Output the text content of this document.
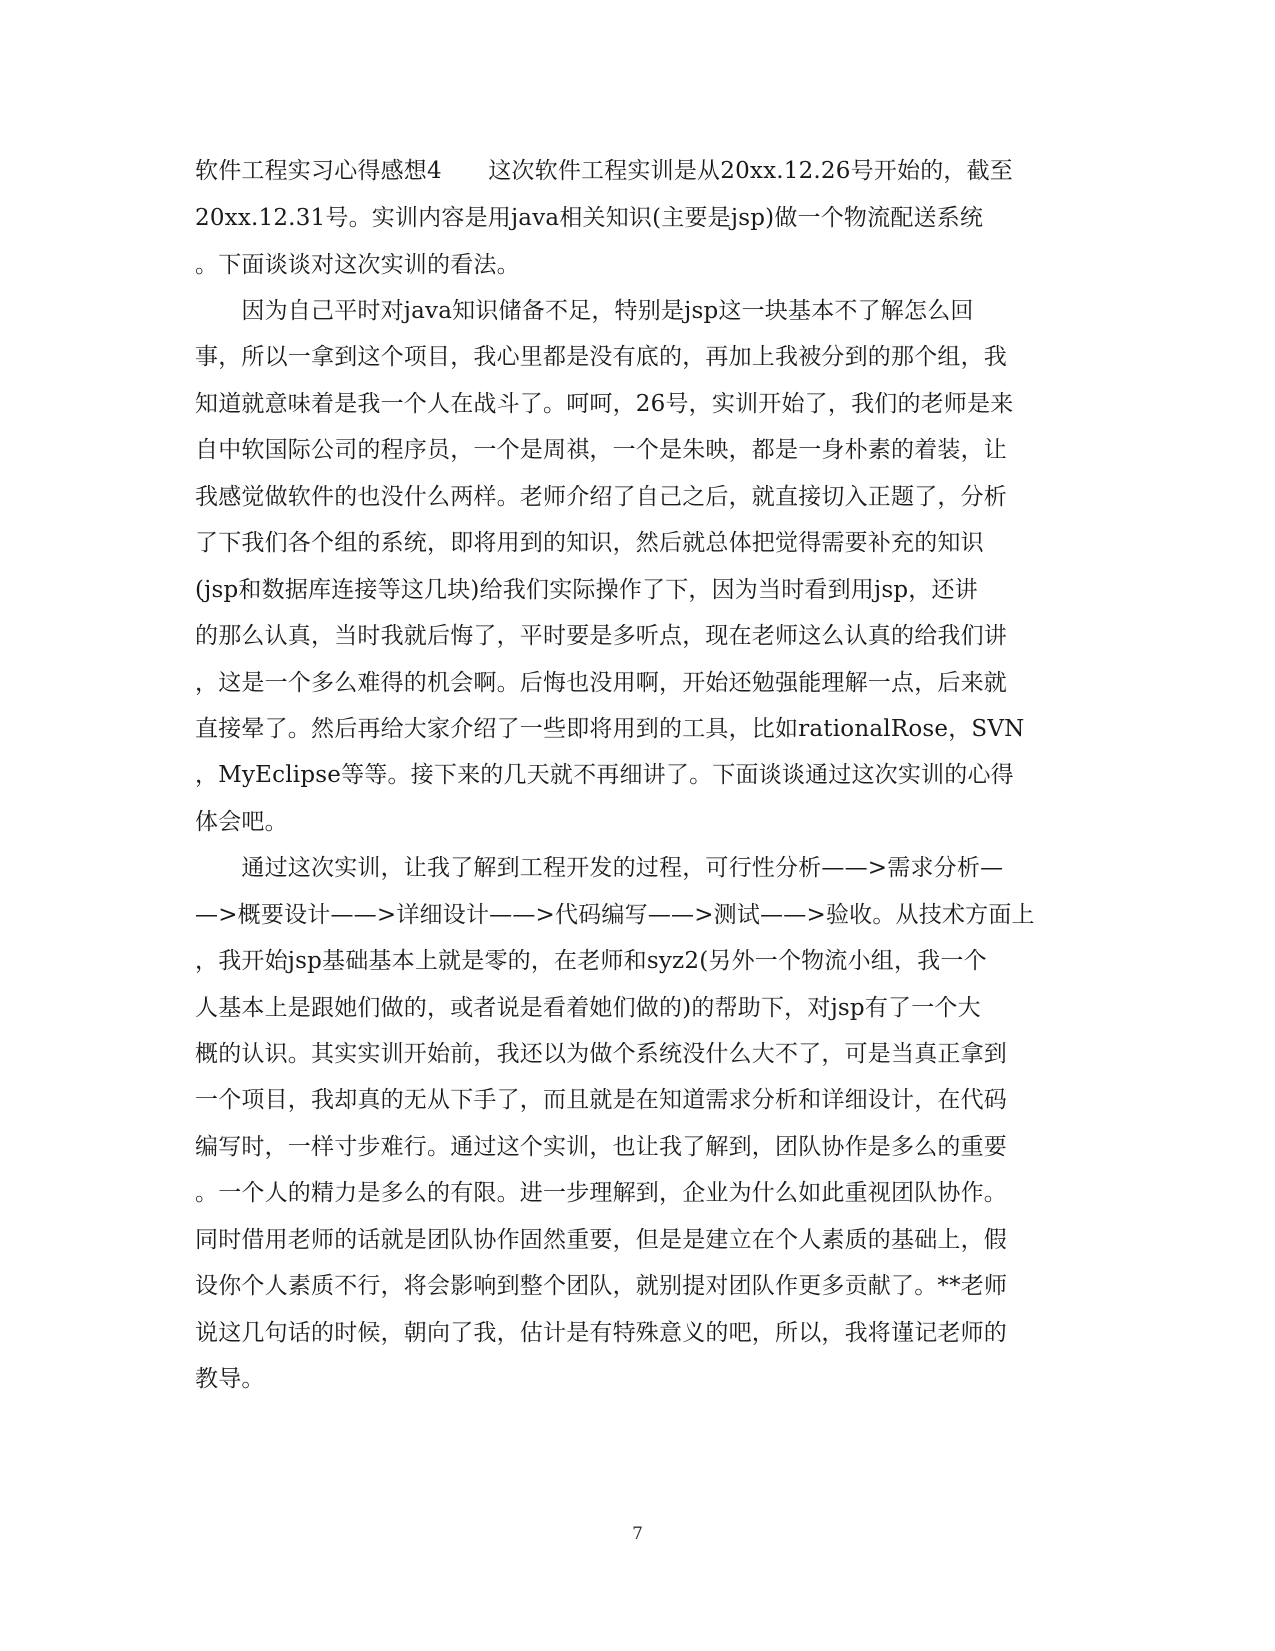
软件工程实习心得感想4　　这次软件工程实训是从20xx.12.26号开始的，截至
20xx.12.31号。实训内容是用java相关知识(主要是jsp)做一个物流配送系统
。下面谈谈对这次实训的看法。
　　因为自己平时对java知识储备不足，特别是jsp这一块基本不了解怎么回
事，所以一拿到这个项目，我心里都是没有底的，再加上我被分到的那个组，我
知道就意味着是我一个人在战斗了。呵呵，26号，实训开始了，我们的老师是来
自中软国际公司的程序员，一个是周祺，一个是朱映，都是一身朴素的着装，让
我感觉做软件的也没什么两样。老师介绍了自己之后，就直接切入正题了，分析
了下我们各个组的系统，即将用到的知识，然后就总体把觉得需要补充的知识
(jsp和数据库连接等这几块)给我们实际操作了下，因为当时看到用jsp，还讲
的那么认真，当时我就后悔了，平时要是多听点，现在老师这么认真的给我们讲
，这是一个多么难得的机会啊。后悔也没用啊，开始还勉强能理解一点，后来就
直接晕了。然后再给大家介绍了一些即将用到的工具，比如rationalRose，SVN
，MyEclipse等等。接下来的几天就不再细讲了。下面谈谈通过这次实训的心得
体会吧。
　　通过这次实训，让我了解到工程开发的过程，可行性分析——>需求分析—
—>概要设计——>详细设计——>代码编写——>测试——>验收。从技术方面上
，我开始jsp基础基本上就是零的，在老师和syz2(另外一个物流小组，我一个
人基本上是跟她们做的，或者说是看着她们做的)的帮助下，对jsp有了一个大
概的认识。其实实训开始前，我还以为做个系统没什么大不了，可是当真正拿到
一个项目，我却真的无从下手了，而且就是在知道需求分析和详细设计，在代码
编写时，一样寸步难行。通过这个实训，也让我了解到，团队协作是多么的重要
。一个人的精力是多么的有限。进一步理解到，企业为什么如此重视团队协作。
同时借用老师的话就是团队协作固然重要，但是是建立在个人素质的基础上，假
设你个人素质不行，将会影响到整个团队，就别提对团队作更多贡献了。**老师
说这几句话的时候，朝向了我，估计是有特殊意义的吧，所以，我将谨记老师的
教导。
7
